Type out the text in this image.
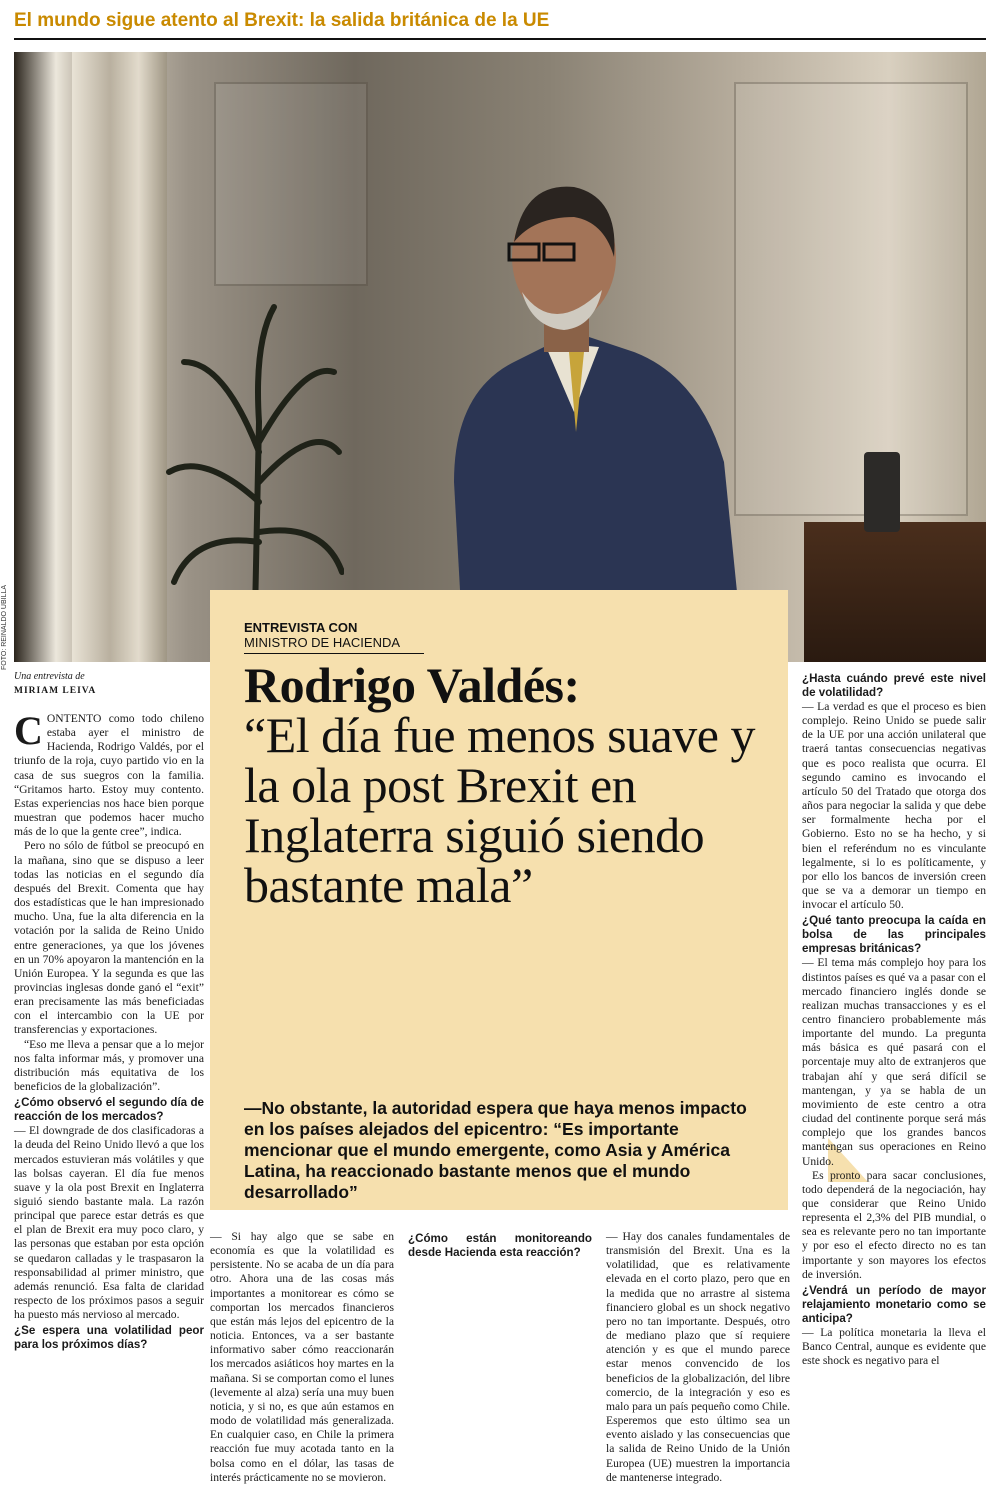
El mundo sigue atento al Brexit: la salida británica de la UE
FOTO: REINALDO UBILLA	ENTREVISTA CON
MINISTRO DE HACIENDA
Rodrigo Valdés:
“El día fue menos suave y la ola post Brexit en Inglaterra siguió siendo bastante mala”
—No obstante, la autoridad espera que haya menos impacto en los países alejados del epicentro: “Es importante mencionar que el mundo emergente, como Asia y América Latina, ha reaccionado bastante menos que el mundo desarrollado”
Una entrevista de
MIRIAM LEIVA

CONTENTO como todo chileno estaba ayer el ministro de Hacienda, Rodrigo Valdés, por el triunfo de la roja, cuyo partido vio en la casa de sus suegros con la familia. “Gritamos harto. Estoy muy contento. Estas experiencias nos hace bien porque muestran que podemos hacer mucho más de lo que la gente cree”, indica.

Pero no sólo de fútbol se preocupó en la mañana, sino que se dispuso a leer todas las noticias en el segundo día después del Brexit. Comenta que hay dos estadísticas que le han impresionado mucho. Una, fue la alta diferencia en la votación por la salida de Reino Unido entre generaciones, ya que los jóvenes en un 70% apoyaron la mantención en la Unión Europea. Y la segunda es que las provincias inglesas donde ganó el “exit” eran precisamente las más beneficiadas con el intercambio con la UE por transferencias y exportaciones.

“Eso me lleva a pensar que a lo mejor nos falta informar más, y promover una distribución más equitativa de los beneficios de la globalización”.

¿Cómo observó el segundo día de reacción de los mercados?

— El downgrade de dos clasificadoras a la deuda del Reino Unido llevó a que los mercados estuvieran más volátiles y que las bolsas cayeran. El día fue menos suave y la ola post Brexit en Inglaterra siguió siendo bastante mala. La razón principal que parece estar detrás es que el plan de Brexit era muy poco claro, y las personas que estaban por esta opción se quedaron calladas y le traspasaron la responsabilidad al primer ministro, que además renunció. Esa falta de claridad respecto de los próximos pasos a seguir ha puesto más nervioso al mercado.

¿Se espera una volatilidad peor para los próximos días?

— Si hay algo que se sabe en economía es que la volatilidad es persistente. No se acaba de un día para otro. Ahora una de las cosas más importantes a monitorear es cómo se comportan los mercados financieros que están más lejos del epicentro de la noticia. Entonces, va a ser bastante informativo saber cómo reaccionarán los mercados asiáticos hoy martes en la mañana. Si se comportan como el lunes (levemente al alza) sería una muy buen noticia, y si no, es que aún estamos en modo de volatilidad más generalizada. En cualquier caso, en Chile la primera reacción fue muy acotada tanto en la bolsa como en el dólar, las tasas de interés prácticamente no se movieron.

¿Cómo están monitoreando desde Hacienda esta reacción?

— Hay dos canales fundamentales de transmisión del Brexit. Una es la volatilidad, que es relativamente elevada en el corto plazo, pero que en la medida que no arrastre al sistema financiero global es un shock negativo pero no tan importante. Después, otro de mediano plazo que sí requiere atención y es que el mundo parece estar menos convencido de los beneficios de la globalización, del libre comercio, de la integración y eso es malo para un país pequeño como Chile. Esperemos que esto último sea un evento aislado y las consecuencias que la salida de Reino Unido de la Unión Europea (UE) muestren la importancia de mantenerse integrado.

¿Hasta cuándo prevé este nivel de volatilidad?

— La verdad es que el proceso es bien complejo. Reino Unido se puede salir de la UE por una acción unilateral que traerá tantas consecuencias negativas que es poco realista que ocurra. El segundo camino es invocando el artículo 50 del Tratado que otorga dos años para negociar la salida y que debe ser formalmente hecha por el Gobierno. Esto no se ha hecho, y si bien el referéndum no es vinculante legalmente, si lo es políticamente, y por ello los bancos de inversión creen que se va a demorar un tiempo en invocar el artículo 50.

¿Qué tanto preocupa la caída en bolsa de las principales empresas británicas?

— El tema más complejo hoy para los distintos países es qué va a pasar con el mercado financiero inglés donde se realizan muchas transacciones y es el centro financiero probablemente más importante del mundo. La pregunta más básica es qué pasará con el porcentaje muy alto de extranjeros que trabajan ahí y que será difícil se mantengan, y ya se habla de un movimiento de este centro a otra ciudad del continente porque será más complejo que los grandes bancos mantengan sus operaciones en Reino Unido.

Es pronto para sacar conclusiones, todo dependerá de la negociación, hay que considerar que Reino Unido representa el 2,3% del PIB mundial, o sea es relevante pero no tan importante y por eso el efecto directo no es tan importante y son mayores los efectos de inversión.

¿Vendrá un período de mayor relajamiento monetario como se anticipa?

— La política monetaria la lleva el Banco Central, aunque es evidente que este shock es negativo para el
